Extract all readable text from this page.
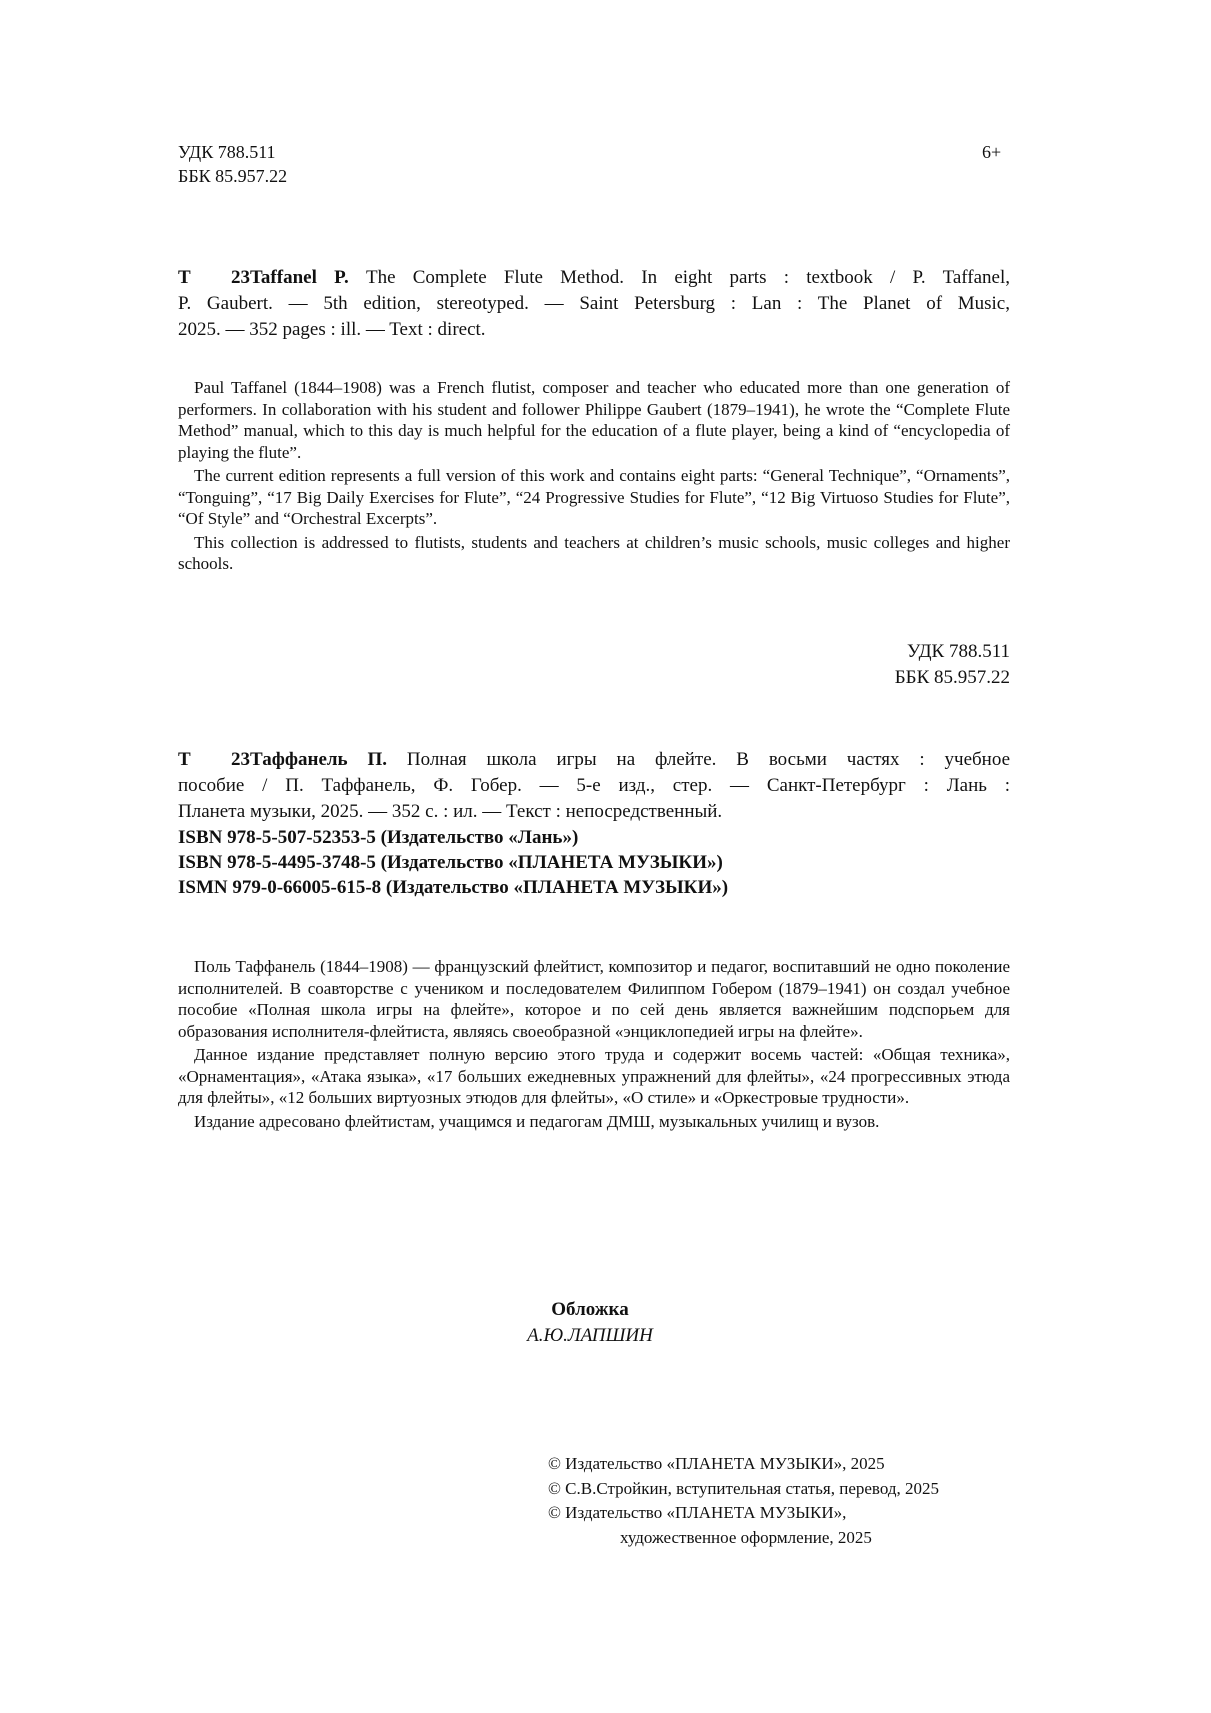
УДК 788.511
ББК 85.957.22
6+
T 23Taffanel P. The Complete Flute Method. In eight parts : textbook / P. Taffanel,
P. Gaubert. — 5th edition, stereotyped. — Saint Petersburg : Lan : The Planet of Music,
2025. — 352 pages : ill. — Text : direct.

Paul Taffanel (1844–1908) was a French flutist, composer and teacher who educated more than one generation of performers. In collaboration with his student and follower Philippe Gaubert (1879–1941), he wrote the “Complete Flute Method” manual, which to this day is much helpful for the education of a flute player, being a kind of “encyclopedia of playing the flute”.

The current edition represents a full version of this work and contains eight parts: “General Technique”, “Ornaments”, “Tonguing”, “17 Big Daily Exercises for Flute”, “24 Progressive Studies for Flute”, “12 Big Virtuoso Studies for Flute”, “Of Style” and “Orchestral Excerpts”.

This collection is addressed to flutists, students and teachers at children’s music schools, music colleges and higher schools.

УДК 788.511
ББК 85.957.22
Т 23Таффанель П. Полная школа игры на флейте. В восьми частях : учебное
пособие / П. Таффанель, Ф. Гобер. — 5-е изд., стер. — Санкт-Петербург : Лань :
Планета музыки, 2025. — 352 с. : ил. — Текст : непосредственный.
ISBN 978-5-507-52353-5 (Издательство «Лань»)
ISBN 978-5-4495-3748-5 (Издательство «ПЛАНЕТА МУЗЫКИ»)
ISMN 979-0-66005-615-8 (Издательство «ПЛАНЕТА МУЗЫКИ»)

Поль Таффанель (1844–1908) — французский флейтист, композитор и педагог, воспитавший не одно поколение исполнителей. В соавторстве с учеником и последователем Филиппом Гобером (1879–1941) он создал учебное пособие «Полная школа игры на флейте», которое и по сей день является важнейшим подспорьем для образования исполнителя-флейтиста, являясь своеобразной «энциклопедией игры на флейте».

Данное издание представляет полную версию этого труда и содержит восемь частей: «Общая техника», «Орнаментация», «Атака языка», «17 больших ежедневных упражнений для флейты», «24 прогрессивных этюда для флейты», «12 больших виртуозных этюдов для флейты», «О стиле» и «Оркестровые трудности».

Издание адресовано флейтистам, учащимся и педагогам ДМШ, музыкальных училищ и вузов.

Обложка
А.Ю.ЛАПШИН
© Издательство «ПЛАНЕТА МУЗЫКИ», 2025
© С.В.Стройкин, вступительная статья, перевод, 2025
© Издательство «ПЛАНЕТА МУЗЫКИ»,
художественное оформление, 2025
